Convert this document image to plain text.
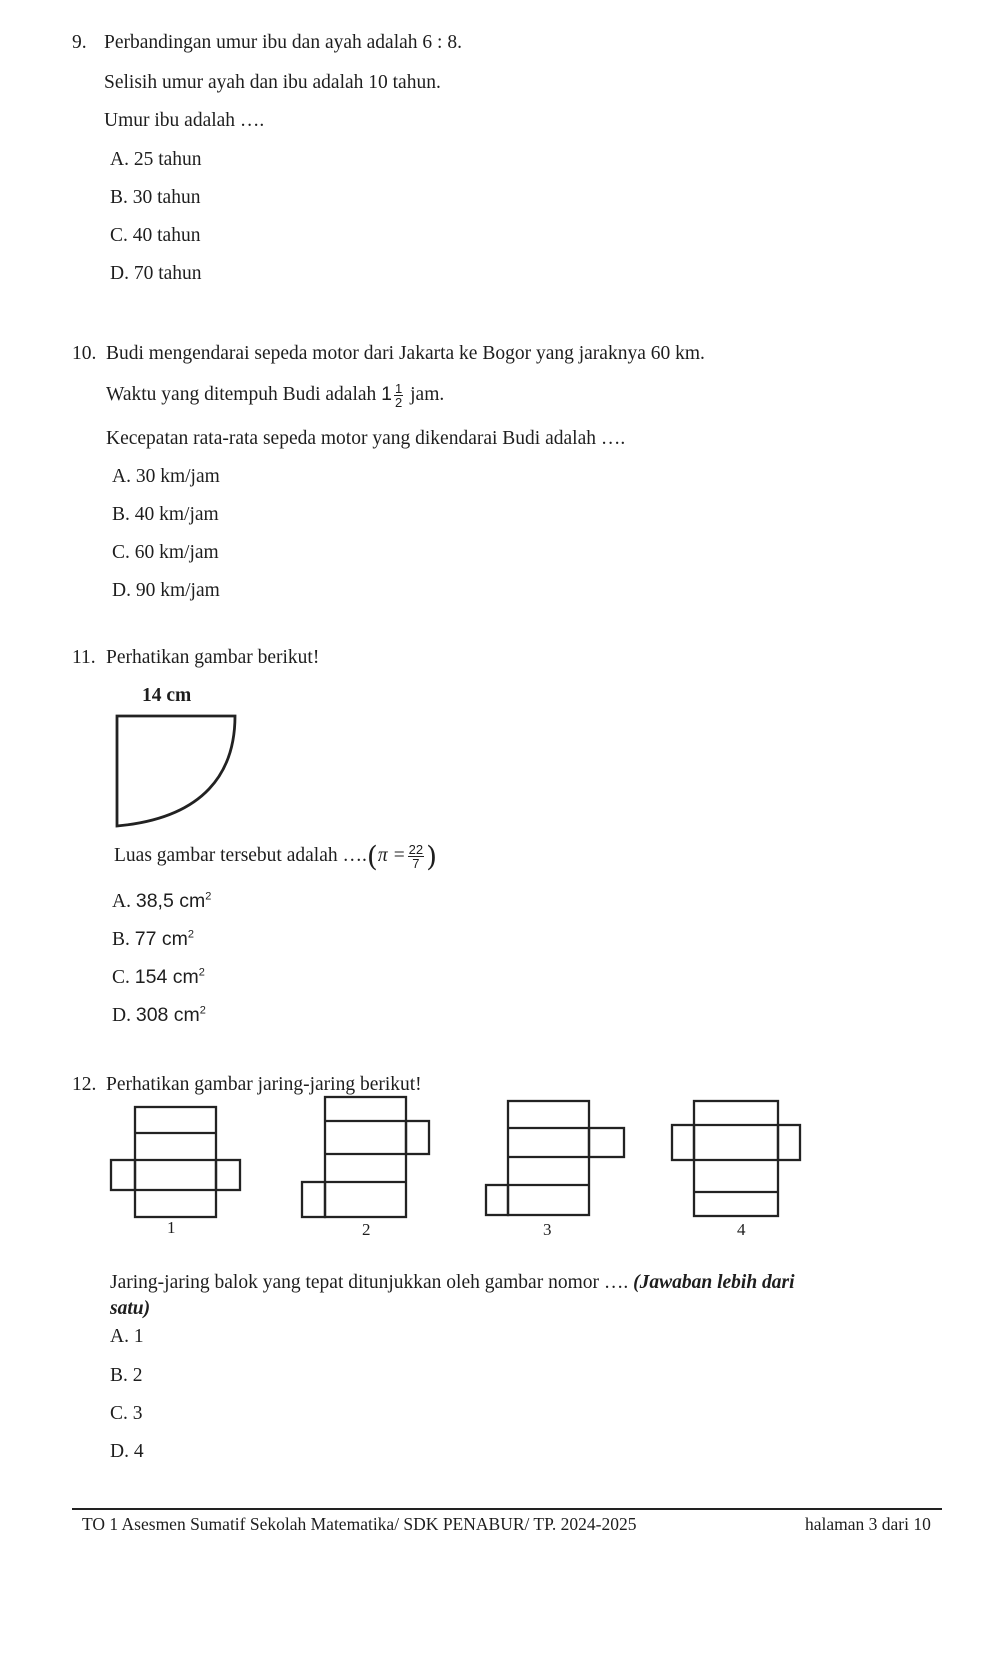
9. Perbandingan umur ibu dan ayah adalah 6 : 8.
Selisih umur ayah dan ibu adalah 10 tahun.
Umur ibu adalah ….
A. 25 tahun
B. 30 tahun
C. 40 tahun
D. 70 tahun
10. Budi mengendarai sepeda motor dari Jakarta ke Bogor yang jaraknya 60 km.
Waktu yang ditempuh Budi adalah $1 \frac{1}{2}$ jam.
Kecepatan rata-rata sepeda motor yang dikendarai Budi adalah ….
A. 30 km/jam
B. 40 km/jam
C. 60 km/jam
D. 90 km/jam
11. Perhatikan gambar berikut!
14 cm
Luas gambar tersebut adalah ….(π = $\frac{22}{7}$ )
A. 38,5 $cm^2$
B. 77 $cm^2$
C. 154 $cm^2$
D. 308 $cm^2$
12. Perhatikan gambar jaring-jaring berikut!
1	2	3	4
Jaring-jaring balok yang tepat ditunjukkan oleh gambar nomor …. (Jawaban lebih dari
satu)
A. 1
B. 2
C. 3
D. 4
TO 1 Asesmen Sumatif Sekolah Matematika/ SDK PENABUR/ TP. 2024-2025	halaman 3 dari 10
